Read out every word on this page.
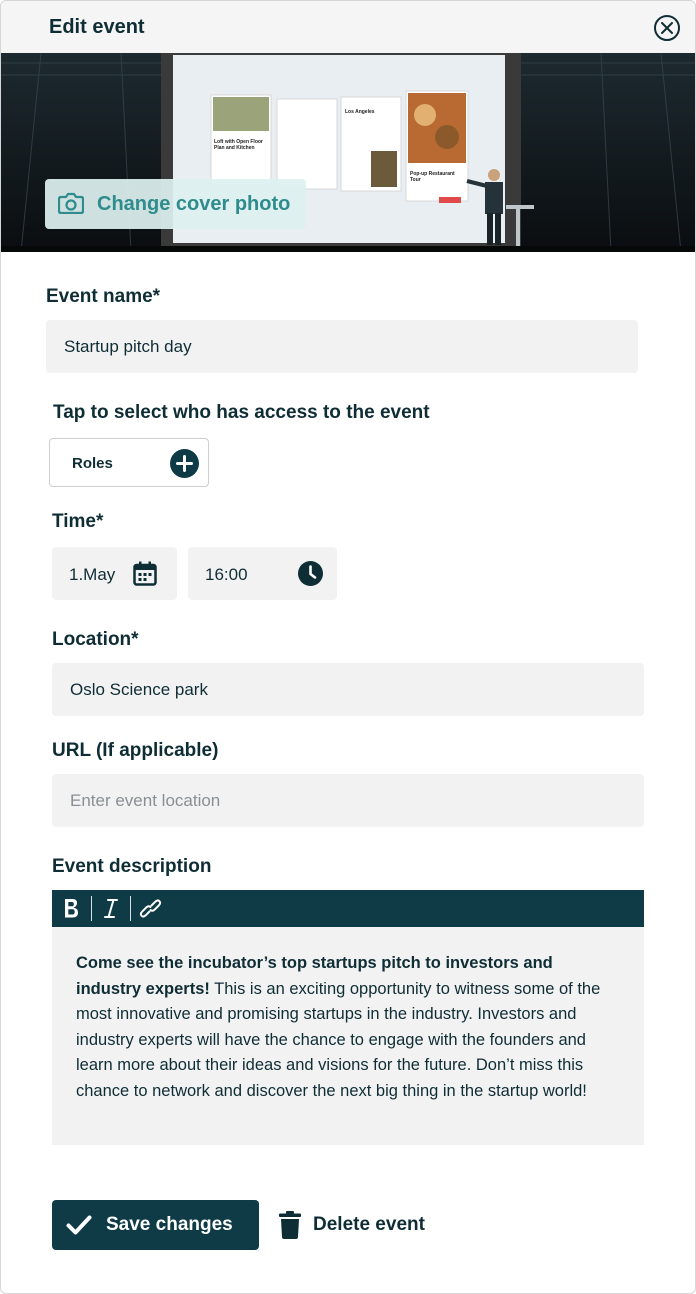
Edit event
Loft with Open Floor Plan and Kitchen
Los Angeles
Pop-up Restaurant Tour
Change cover photo
Event name*
Startup pitch day
Tap to select who has access to the event
Roles
Time*
1.May	16:00
Location*
Oslo Science park
URL (If applicable)
Enter event location
Event description
Come see the incubator’s top startups pitch to investors and industry experts! This is an exciting opportunity to witness some of the most innovative and promising startups in the industry. Investors and industry experts will have the chance to engage with the founders and learn more about their ideas and visions for the future. Don’t miss this chance to network and discover the next big thing in the startup world!
Save changes	Delete event
